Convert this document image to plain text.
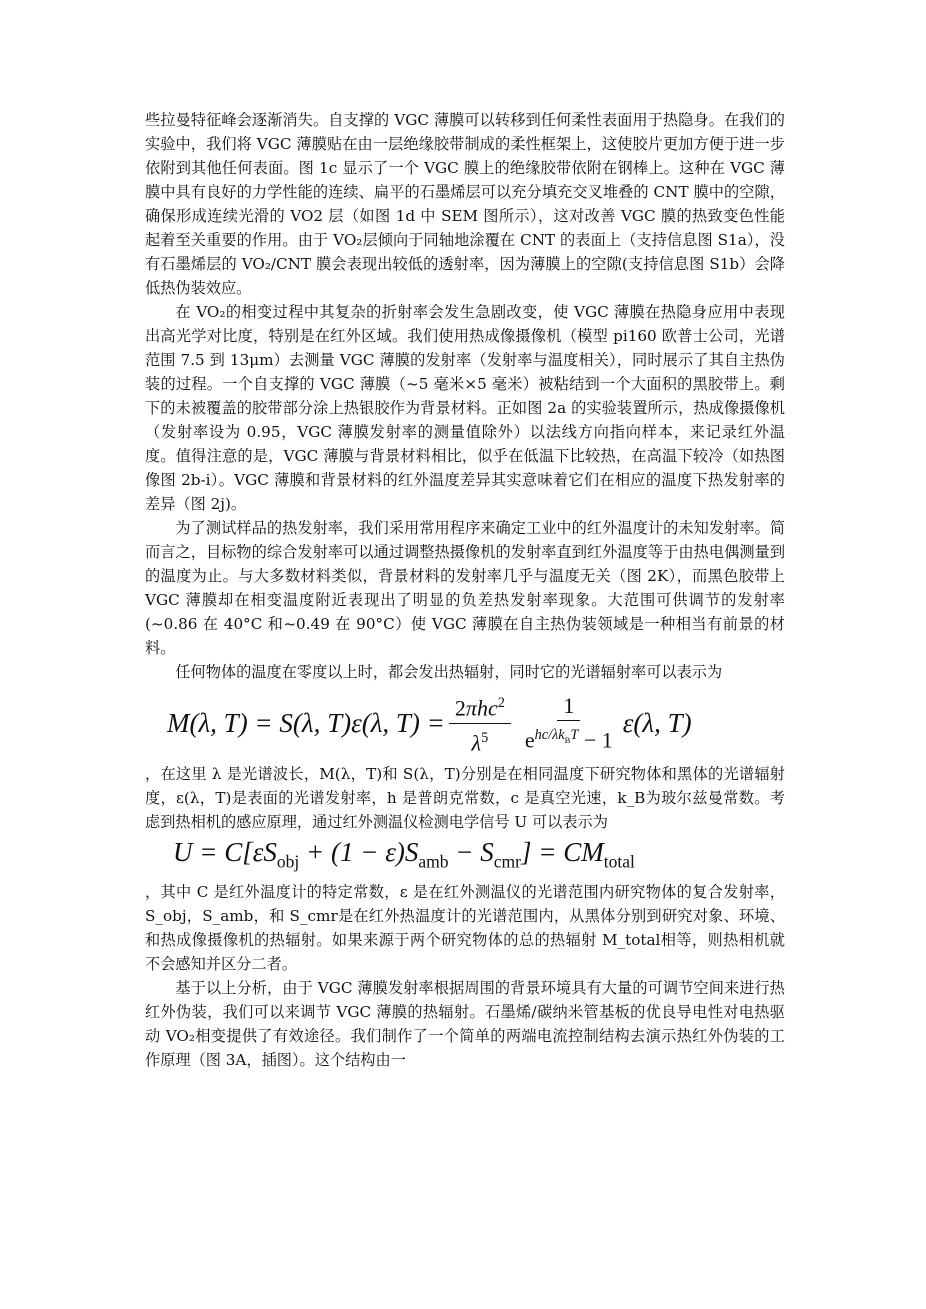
些拉曼特征峰会逐渐消失。自支撑的 VGC 薄膜可以转移到任何柔性表面用于热隐身。在我们的实验中，我们将 VGC 薄膜贴在由一层绝缘胶带制成的柔性框架上，这使胶片更加方便于进一步依附到其他任何表面。图 1c 显示了一个 VGC 膜上的绝缘胶带依附在钢棒上。这种在 VGC 薄膜中具有良好的力学性能的连续、扁平的石墨烯层可以充分填充交叉堆叠的 CNT 膜中的空隙，确保形成连续光滑的 VO2 层（如图 1d 中 SEM 图所示），这对改善 VGC 膜的热致变色性能起着至关重要的作用。由于 VO₂层倾向于同轴地涂覆在 CNT 的表面上（支持信息图 S1a），没有石墨烯层的 VO₂/CNT 膜会表现出较低的透射率，因为薄膜上的空隙(支持信息图 S1b）会降低热伪装效应。

在 VO₂的相变过程中其复杂的折射率会发生急剧改变，使 VGC 薄膜在热隐身应用中表现出高光学对比度，特别是在红外区域。我们使用热成像摄像机（模型 pi160 欧普士公司，光谱范围 7.5 到 13μm）去测量 VGC 薄膜的发射率（发射率与温度相关），同时展示了其自主热伪装的过程。一个自支撑的 VGC 薄膜（~5 毫米×5 毫米）被粘结到一个大面积的黑胶带上。剩下的未被覆盖的胶带部分涂上热银胶作为背景材料。正如图 2a 的实验装置所示，热成像摄像机（发射率设为 0.95，VGC 薄膜发射率的测量值除外）以法线方向指向样本，来记录红外温度。值得注意的是，VGC 薄膜与背景材料相比，似乎在低温下比较热，在高温下较冷（如热图像图 2b-i）。VGC 薄膜和背景材料的红外温度差异其实意味着它们在相应的温度下热发射率的差异（图 2j)。

为了测试样品的热发射率，我们采用常用程序来确定工业中的红外温度计的未知发射率。简而言之，目标物的综合发射率可以通过调整热摄像机的发射率直到红外温度等于由热电偶测量到的温度为止。与大多数材料类似，背景材料的发射率几乎与温度无关（图 2K），而黑色胶带上 VGC 薄膜却在相变温度附近表现出了明显的负差热发射率现象。大范围可供调节的发射率(~0.86 在 40°C 和~0.49 在 90°C）使 VGC 薄膜在自主热伪装领域是一种相当有前景的材料。

任何物体的温度在零度以上时，都会发出热辐射，同时它的光谱辐射率可以表示为

M(λ, T) = S(λ, T)ε(λ, $T) = \frac{2\pi hc^2}{\lambda^5} \frac{1}{e^{hc/\lambda k_BT} - 1} \varepsilon(\lambda$, T)

，在这里 λ 是光谱波长，M(λ，T)和 S(λ，T)分别是在相同温度下研究物体和黑体的光谱辐射度，ε(λ，T)是表面的光谱发射率，h 是普朗克常数，c 是真空光速，k_B为玻尔兹曼常数。考虑到热相机的感应原理，通过红外测温仪检测电学信号 U 可以表示为

$U = C[\varepsilon S_{obj} + (1 - \varepsilon)S_{amb} - S_{cmr}] = CM_{total}$

，其中 C 是红外温度计的特定常数，ε 是在红外测温仪的光谱范围内研究物体的复合发射率，S_obj，S_amb，和 S_cmr是在红外热温度计的光谱范围内，从黑体分别到研究对象、环境、和热成像摄像机的热辐射。如果来源于两个研究物体的总的热辐射 M_total相等，则热相机就不会感知并区分二者。

基于以上分析，由于 VGC 薄膜发射率根据周围的背景环境具有大量的可调节空间来进行热红外伪装，我们可以来调节 VGC 薄膜的热辐射。石墨烯/碳纳米管基板的优良导电性对电热驱动 VO₂相变提供了有效途径。我们制作了一个简单的两端电流控制结构去演示热红外伪装的工作原理（图 3A，插图）。这个结构由一
